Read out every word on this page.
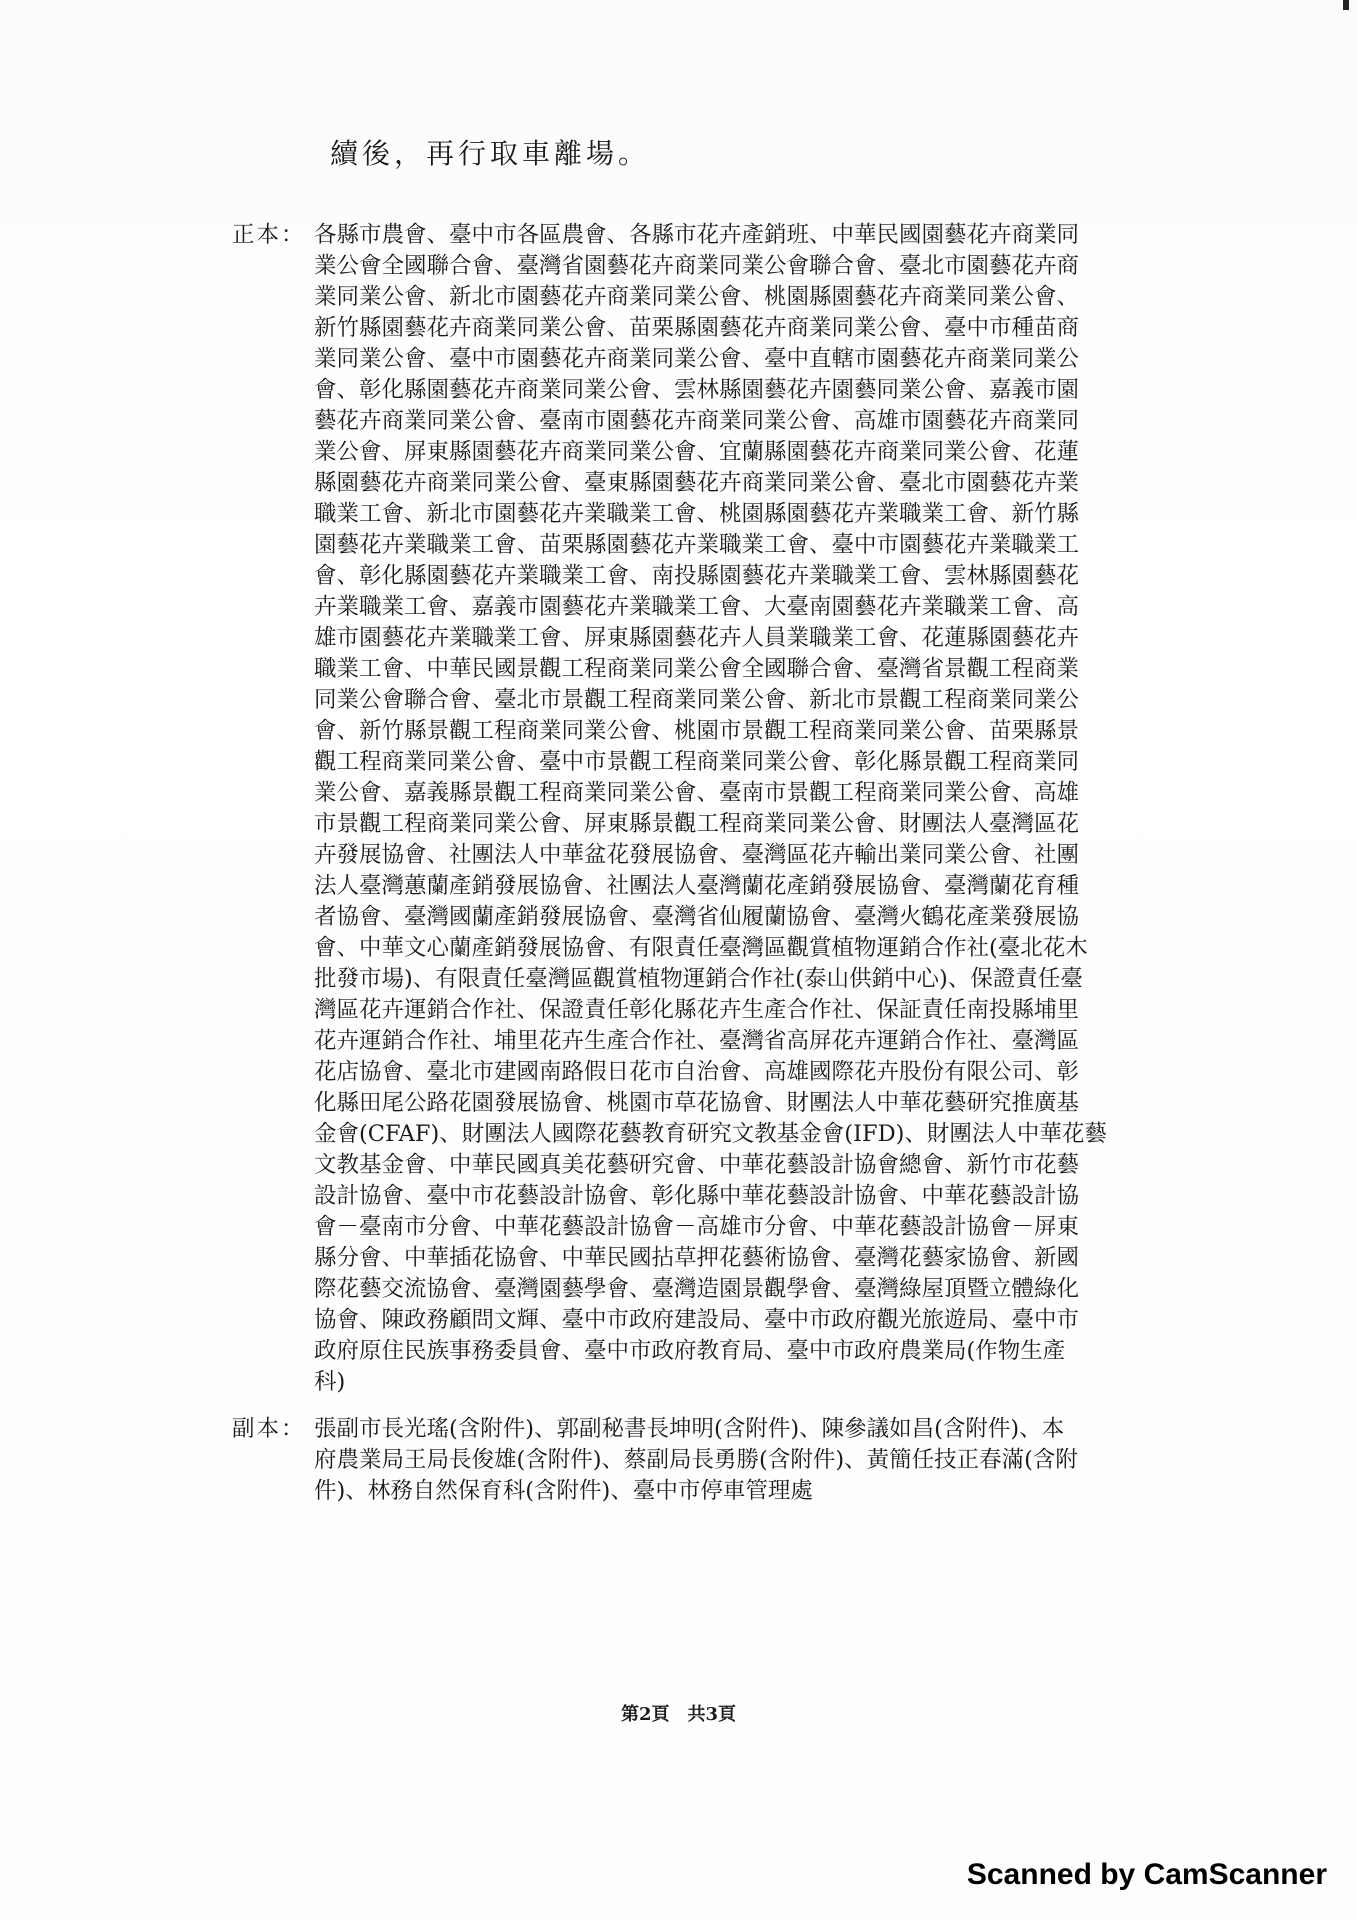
續後，再行取車離場。
正本： 各縣市農會、臺中市各區農會、各縣市花卉產銷班、中華民國園藝花卉商業同
業公會全國聯合會、臺灣省園藝花卉商業同業公會聯合會、臺北市園藝花卉商
業同業公會、新北市園藝花卉商業同業公會、桃園縣園藝花卉商業同業公會、
新竹縣園藝花卉商業同業公會、苗栗縣園藝花卉商業同業公會、臺中市種苗商
業同業公會、臺中市園藝花卉商業同業公會、臺中直轄市園藝花卉商業同業公
會、彰化縣園藝花卉商業同業公會、雲林縣園藝花卉園藝同業公會、嘉義市園
藝花卉商業同業公會、臺南市園藝花卉商業同業公會、高雄市園藝花卉商業同
業公會、屏東縣園藝花卉商業同業公會、宜蘭縣園藝花卉商業同業公會、花蓮
縣園藝花卉商業同業公會、臺東縣園藝花卉商業同業公會、臺北市園藝花卉業
職業工會、新北市園藝花卉業職業工會、桃園縣園藝花卉業職業工會、新竹縣
園藝花卉業職業工會、苗栗縣園藝花卉業職業工會、臺中市園藝花卉業職業工
會、彰化縣園藝花卉業職業工會、南投縣園藝花卉業職業工會、雲林縣園藝花
卉業職業工會、嘉義市園藝花卉業職業工會、大臺南園藝花卉業職業工會、高
雄市園藝花卉業職業工會、屏東縣園藝花卉人員業職業工會、花蓮縣園藝花卉
職業工會、中華民國景觀工程商業同業公會全國聯合會、臺灣省景觀工程商業
同業公會聯合會、臺北市景觀工程商業同業公會、新北市景觀工程商業同業公
會、新竹縣景觀工程商業同業公會、桃園市景觀工程商業同業公會、苗栗縣景
觀工程商業同業公會、臺中市景觀工程商業同業公會、彰化縣景觀工程商業同
業公會、嘉義縣景觀工程商業同業公會、臺南市景觀工程商業同業公會、高雄
市景觀工程商業同業公會、屏東縣景觀工程商業同業公會、財團法人臺灣區花
卉發展協會、社團法人中華盆花發展協會、臺灣區花卉輸出業同業公會、社團
法人臺灣蕙蘭產銷發展協會、社團法人臺灣蘭花產銷發展協會、臺灣蘭花育種
者協會、臺灣國蘭產銷發展協會、臺灣省仙履蘭協會、臺灣火鶴花產業發展協
會、中華文心蘭產銷發展協會、有限責任臺灣區觀賞植物運銷合作社(臺北花木
批發市場)、有限責任臺灣區觀賞植物運銷合作社(泰山供銷中心)、保證責任臺
灣區花卉運銷合作社、保證責任彰化縣花卉生產合作社、保証責任南投縣埔里
花卉運銷合作社、埔里花卉生產合作社、臺灣省高屏花卉運銷合作社、臺灣區
花店協會、臺北市建國南路假日花市自治會、高雄國際花卉股份有限公司、彰
化縣田尾公路花園發展協會、桃園市草花協會、財團法人中華花藝研究推廣基
金會(CFAF)、財團法人國際花藝教育研究文教基金會(IFD)、財團法人中華花藝
文教基金會、中華民國真美花藝研究會、中華花藝設計協會總會、新竹市花藝
設計協會、臺中市花藝設計協會、彰化縣中華花藝設計協會、中華花藝設計協
會－臺南市分會、中華花藝設計協會－高雄市分會、中華花藝設計協會－屏東
縣分會、中華插花協會、中華民國拈草押花藝術協會、臺灣花藝家協會、新國
際花藝交流協會、臺灣園藝學會、臺灣造園景觀學會、臺灣綠屋頂暨立體綠化
協會、陳政務顧問文輝、臺中市政府建設局、臺中市政府觀光旅遊局、臺中市
政府原住民族事務委員會、臺中市政府教育局、臺中市政府農業局(作物生產
科)
副本： 張副市長光瑤(含附件)、郭副秘書長坤明(含附件)、陳參議如昌(含附件)、本
府農業局王局長俊雄(含附件)、蔡副局長勇勝(含附件)、黃簡任技正春滿(含附
件)、林務自然保育科(含附件)、臺中市停車管理處
第2頁　共3頁
Scanned by CamScanner
